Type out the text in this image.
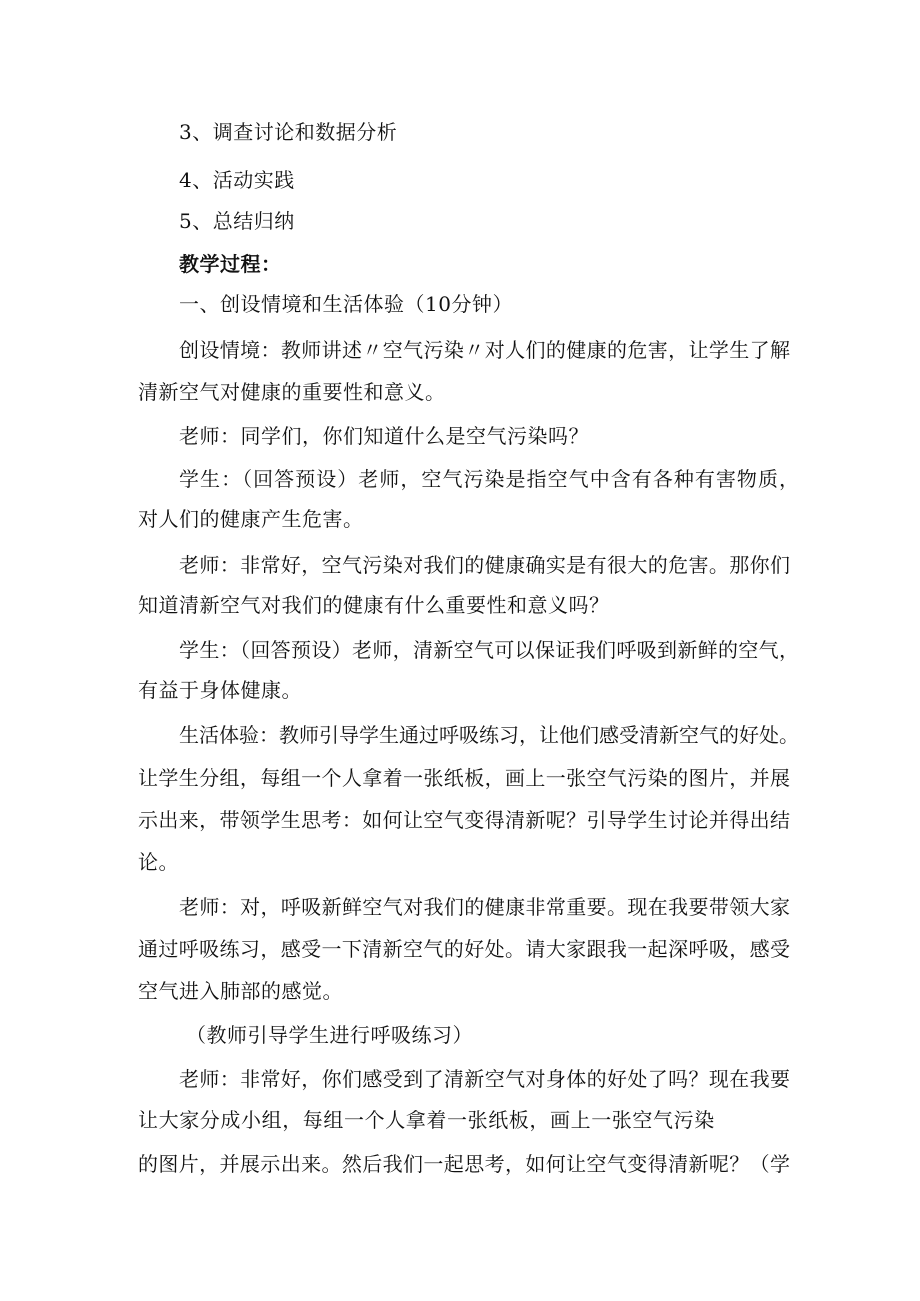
3、调查讨论和数据分析

4、活动实践

5、总结归纳

教学过程：

一、创设情境和生活体验（10分钟）

创设情境：教师讲述〃空气污染〃对人们的健康的危害，让学生了解

清新空气对健康的重要性和意义。

老师：同学们，你们知道什么是空气污染吗？

学生：（回答预设）老师，空气污染是指空气中含有各种有害物质，

对人们的健康产生危害。

老师：非常好，空气污染对我们的健康确实是有很大的危害。那你们

知道清新空气对我们的健康有什么重要性和意义吗？

学生：（回答预设）老师，清新空气可以保证我们呼吸到新鲜的空气，

有益于身体健康。

生活体验：教师引导学生通过呼吸练习，让他们感受清新空气的好处。

让学生分组，每组一个人拿着一张纸板，画上一张空气污染的图片，并展

示出来，带领学生思考：如何让空气变得清新呢？引导学生讨论并得出结

论。

老师：对，呼吸新鲜空气对我们的健康非常重要。现在我要带领大家

通过呼吸练习，感受一下清新空气的好处。请大家跟我一起深呼吸，感受

空气进入肺部的感觉。

（教师引导学生进行呼吸练习）

老师：非常好，你们感受到了清新空气对身体的好处了吗？现在我要

让大家分成小组，每组一个人拿着一张纸板，画上一张空气污染

的图片，并展示出来。然后我们一起思考，如何让空气变得清新呢？（学
